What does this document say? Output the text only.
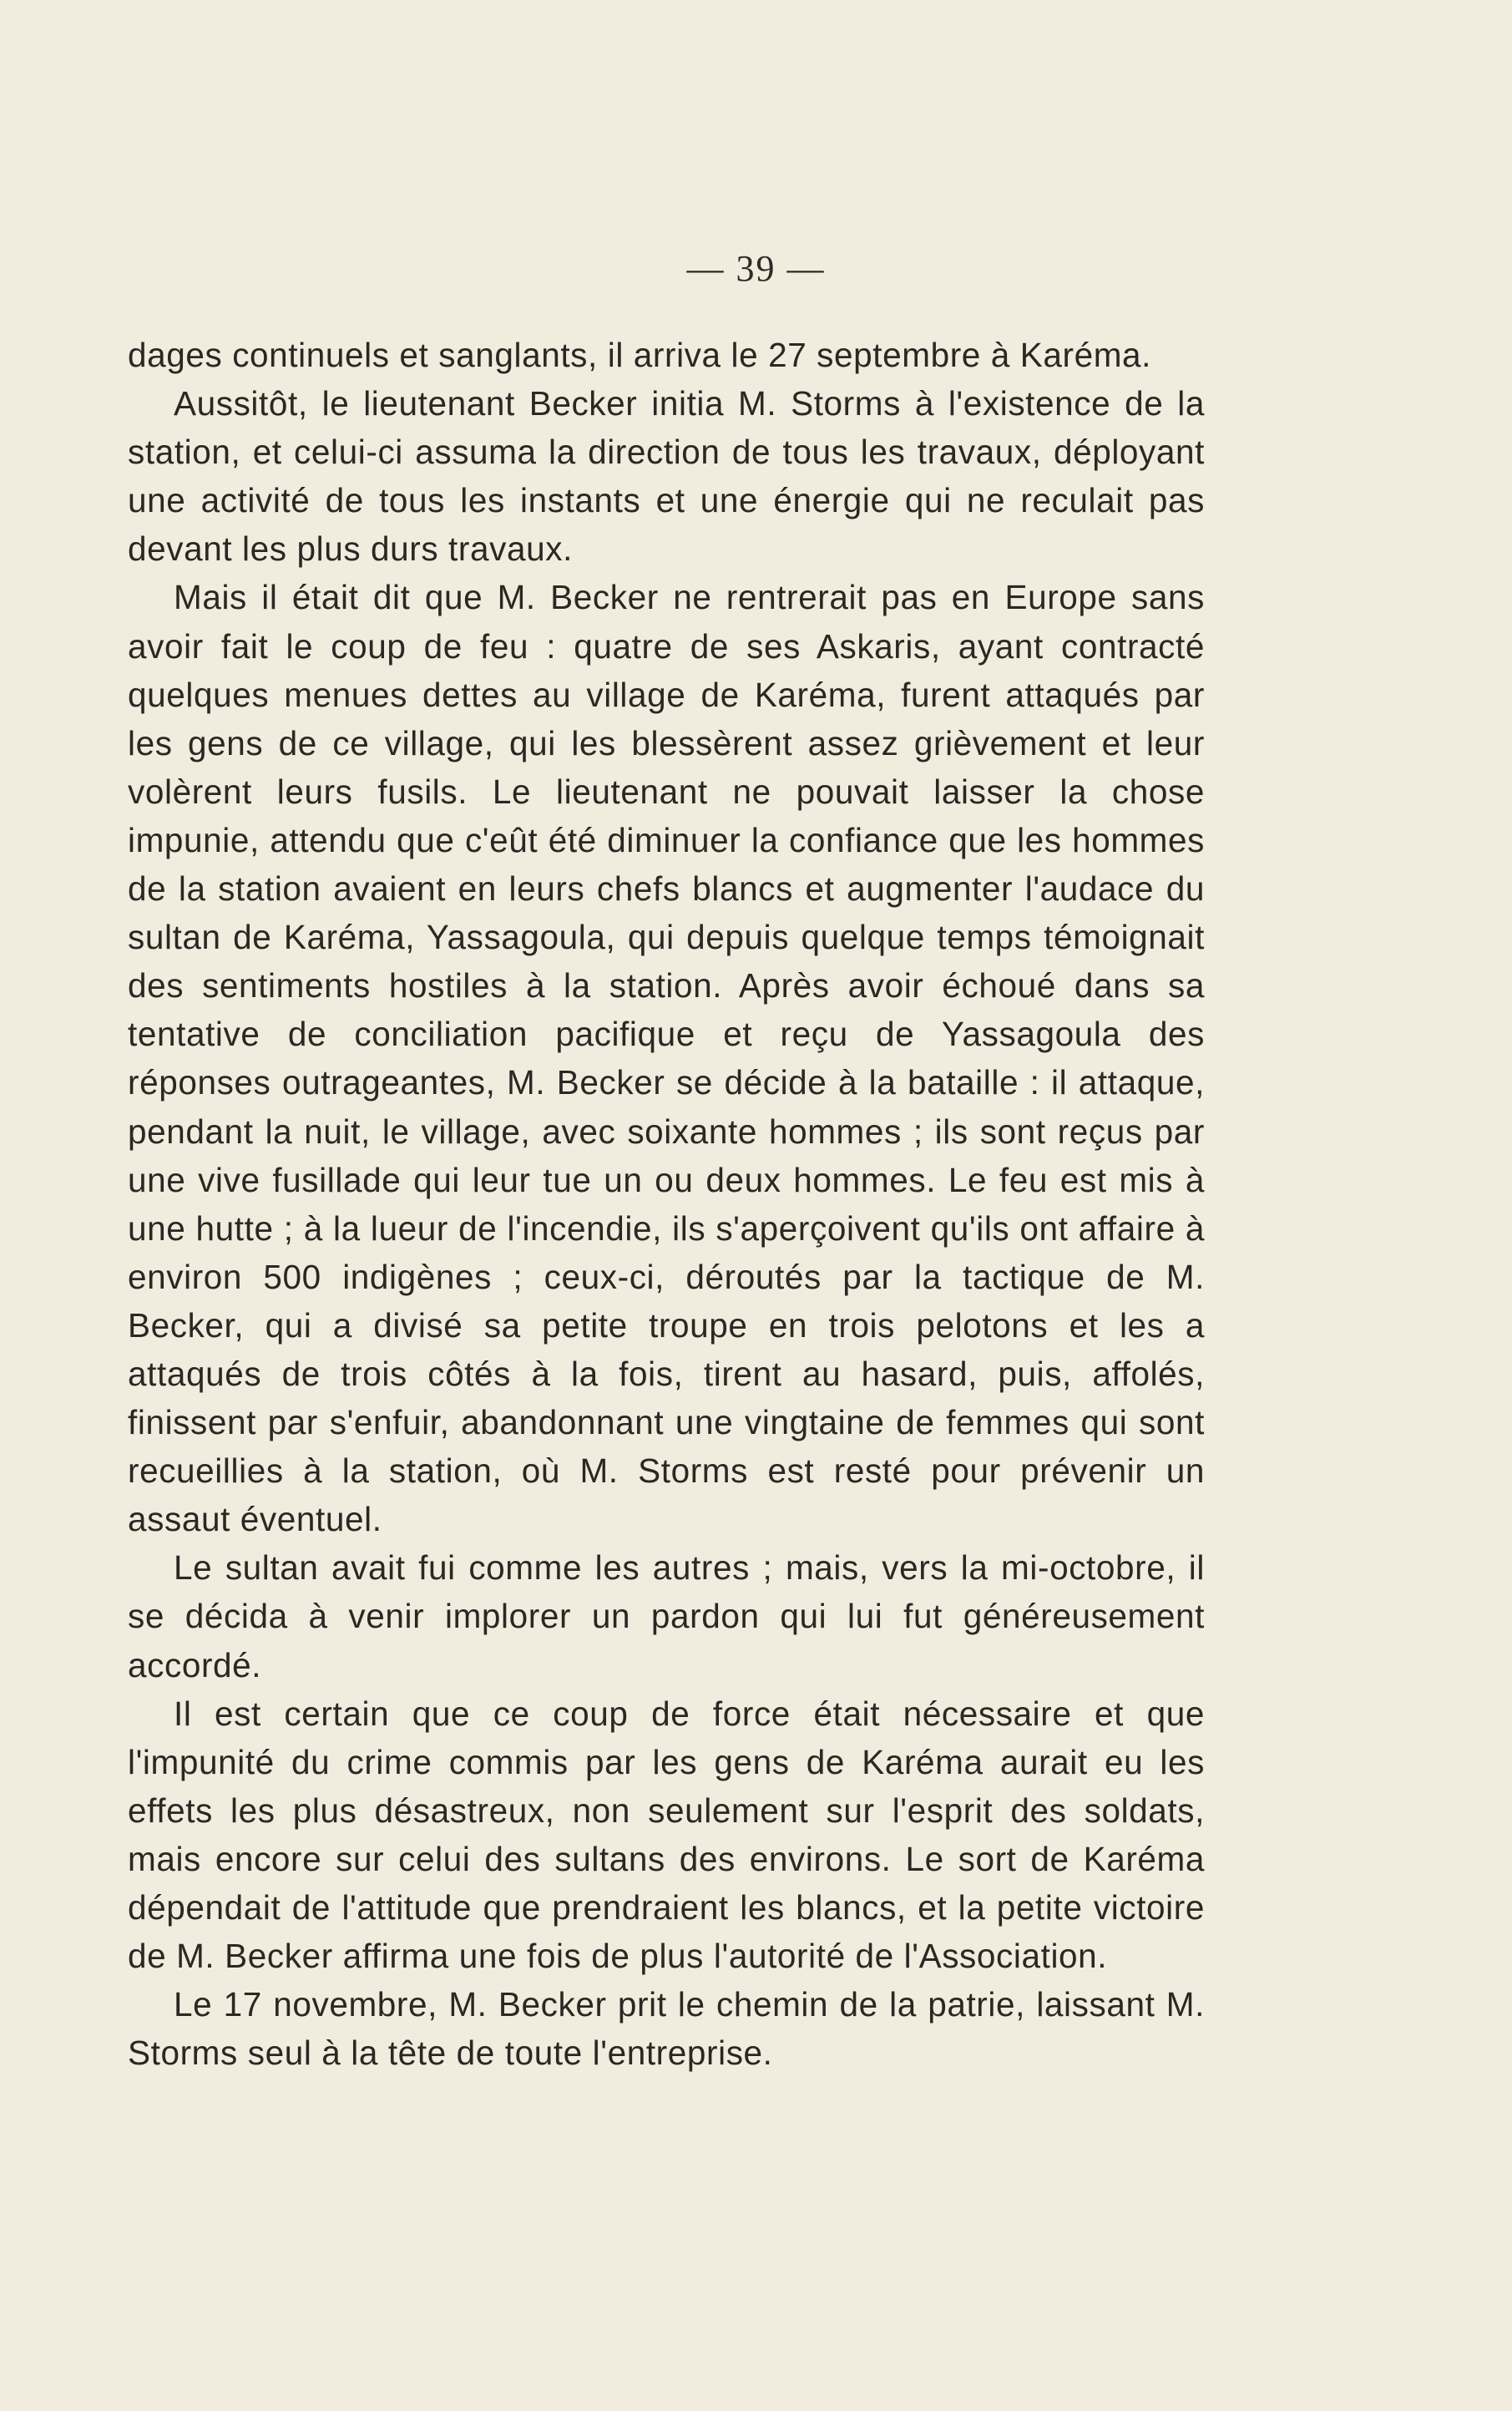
— 39 —

dages continuels et sanglants, il arriva le 27 septembre à Karéma.

Aussitôt, le lieutenant Becker initia M. Storms à l'existence de la station, et celui-ci assuma la direction de tous les travaux, déployant une activité de tous les instants et une énergie qui ne reculait pas devant les plus durs travaux.

Mais il était dit que M. Becker ne rentrerait pas en Europe sans avoir fait le coup de feu : quatre de ses Askaris, ayant contracté quelques menues dettes au village de Karéma, furent attaqués par les gens de ce village, qui les blessèrent assez grièvement et leur volèrent leurs fusils. Le lieutenant ne pouvait laisser la chose impunie, attendu que c'eût été diminuer la confiance que les hommes de la station avaient en leurs chefs blancs et augmenter l'audace du sultan de Karéma, Yassagoula, qui depuis quelque temps témoignait des sentiments hostiles à la station. Après avoir échoué dans sa tentative de conciliation pacifique et reçu de Yassagoula des réponses outrageantes, M. Becker se décide à la bataille : il attaque, pendant la nuit, le village, avec soixante hommes ; ils sont reçus par une vive fusillade qui leur tue un ou deux hommes. Le feu est mis à une hutte ; à la lueur de l'incendie, ils s'aperçoivent qu'ils ont affaire à environ 500 indigènes ; ceux-ci, déroutés par la tactique de M. Becker, qui a divisé sa petite troupe en trois pelotons et les a attaqués de trois côtés à la fois, tirent au hasard, puis, affolés, finissent par s'enfuir, abandonnant une vingtaine de femmes qui sont recueillies à la station, où M. Storms est resté pour prévenir un assaut éventuel.

Le sultan avait fui comme les autres ; mais, vers la mi-octobre, il se décida à venir implorer un pardon qui lui fut généreusement accordé.

Il est certain que ce coup de force était nécessaire et que l'impunité du crime commis par les gens de Karéma aurait eu les effets les plus désastreux, non seulement sur l'esprit des soldats, mais encore sur celui des sultans des environs. Le sort de Karéma dépendait de l'attitude que prendraient les blancs, et la petite victoire de M. Becker affirma une fois de plus l'autorité de l'Association.

Le 17 novembre, M. Becker prit le chemin de la patrie, laissant M. Storms seul à la tête de toute l'entreprise.
